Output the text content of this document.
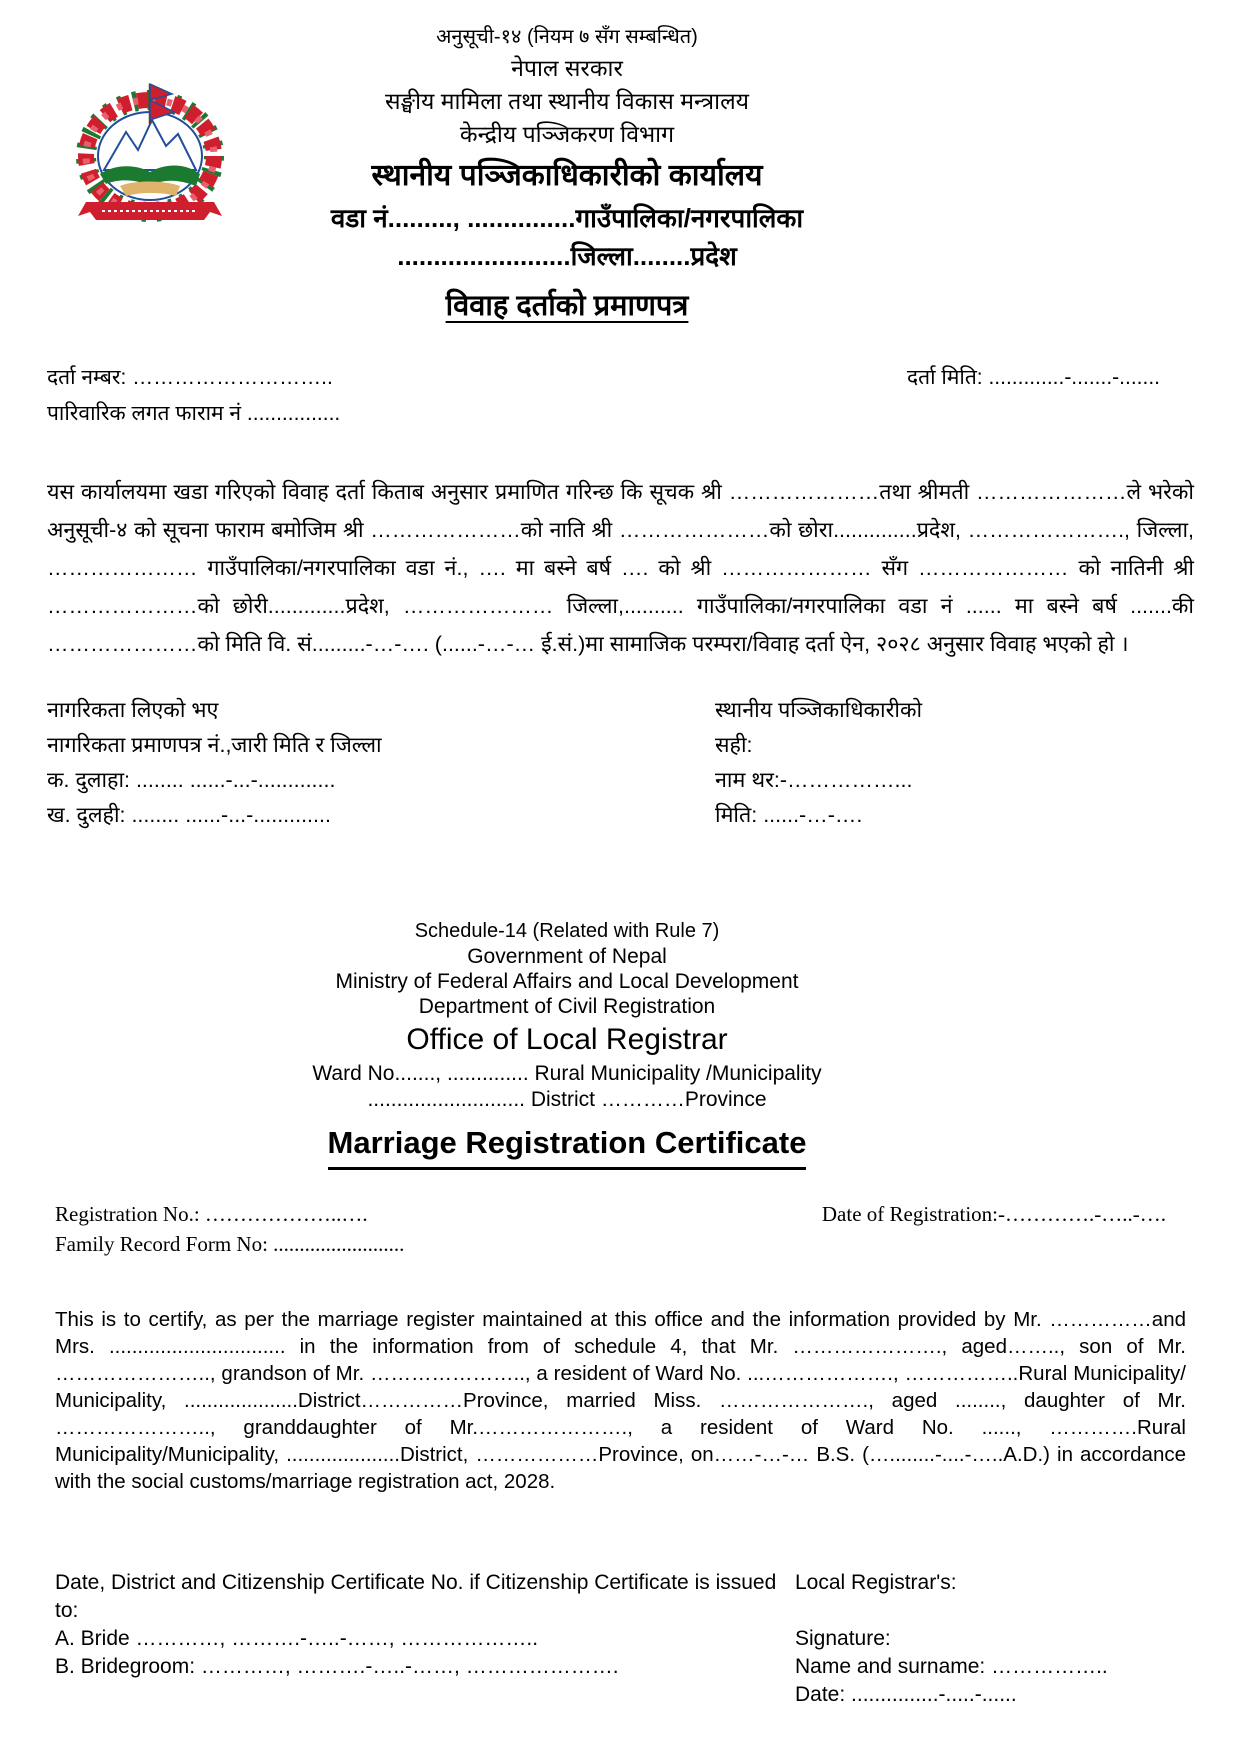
अनुसूची-१४ (नियम ७ सँग सम्बन्धित)
नेपाल सरकार
सङ्घीय मामिला तथा स्थानीय विकास मन्त्रालय
केन्द्रीय पञ्जिकरण विभाग
स्थानीय पञ्जिकाधिकारीको कार्यालय
वडा नं........., ...............गाउँपालिका/नगरपालिका
........................जिल्ला........प्रदेश
विवाह दर्ताको प्रमाणपत्र
दर्ता नम्बर: ………………………..	दर्ता मिति: .............-.......-.......
पारिवारिक लगत फाराम नं ................
यस कार्यालयमा खडा गरिएको विवाह दर्ता किताब अनुसार प्रमाणित गरिन्छ कि सूचक श्री …………………तथा श्रीमती …………………ले भरेको अनुसूची-४ को सूचना फाराम बमोजिम श्री …………………को नाति श्री …………………को छोरा..............प्रदेश, …………………., जिल्ला, ………………… गाउँपालिका/नगरपालिका वडा नं., …. मा बस्ने बर्ष …. को श्री ………………… सँग ………………… को नातिनी श्री …………………को छोरी.............प्रदेश, ………………… जिल्ला,.......... गाउँपालिका/नगरपालिका वडा नं ...... मा बस्ने बर्ष .......की …………………को मिति वि. सं.........-…-…. (......-…-… ई.सं.)मा सामाजिक परम्परा/विवाह दर्ता ऐन, २०२८ अनुसार विवाह भएको हो ।
नागरिकता लिएको भए	स्थानीय पञ्जिकाधिकारीको
नागरिकता प्रमाणपत्र नं.,जारी मिति र जिल्ला	सही:
क. दुलाहा: ........ ......-...-.............	नाम थर:-……………...
ख. दुलही: ........ ......-...-.............	मिति: ......-…-….
Schedule-14 (Related with Rule 7)
Government of Nepal
Ministry of Federal Affairs and Local Development
Department of Civil Registration
Office of Local Registrar
Ward No......., .............. Rural Municipality /Municipality
........................... District …………Province
Marriage Registration Certificate
Registration No.: ………………..….	Date of Registration:-………….-…..-….
Family Record Form No: .........................
This is to certify, as per the marriage register maintained at this office and the information provided by Mr. ……………and Mrs. ............................... in the information from of schedule 4, that Mr. …………………., aged…….., son of Mr. ………………….., grandson of Mr. ………………….., a resident of Ward No. ...………………., ……………..Rural Municipality/ Municipality, ....................District……………Province, married Miss. …………………., aged ........, daughter of Mr. ………………….., granddaughter of Mr.…………………., a resident of Ward No. ......, ………….Rural Municipality/Municipality, ....................District, ………………Province, on……-…-… B.S. (…........-....-…..A.D.) in accordance with the social customs/marriage registration act, 2028.
Date, District and Citizenship Certificate No. if Citizenship Certificate is issued to:
Local Registrar's:
A. Bride …………, ……….-…..-……, ………………..	Signature:
B. Bridegroom: …………, ……….-…..-……, ………………….	Name and surname: ……………..
Date: ...............-.....-......
